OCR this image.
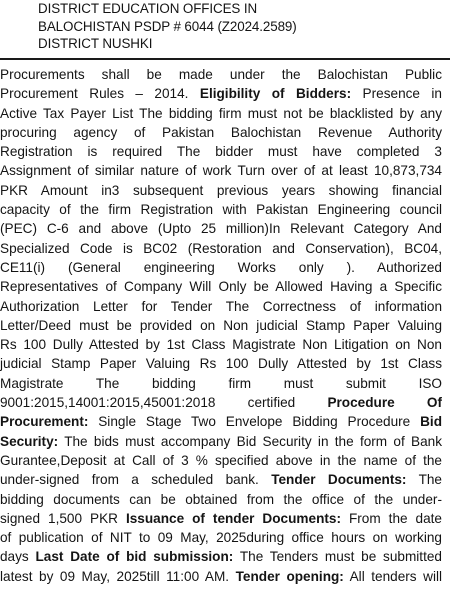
DISTRICT EDUCATION OFFICES IN
BALOCHISTAN PSDP # 6044 (Z2024.2589)
DISTRICT NUSHKI
Procurements shall be made under the Balochistan Public
Procurement Rules – 2014. Eligibility of Bidders: Presence in
Active Tax Payer List The bidding firm must not be blacklisted by any
procuring agency of Pakistan Balochistan Revenue Authority
Registration is required The bidder must have completed 3
Assignment of similar nature of work Turn over of at least 10,873,734
PKR Amount in3 subsequent previous years showing financial
capacity of the firm Registration with Pakistan Engineering council
(PEC) C-6 and above (Upto 25 million)In Relevant Category And
Specialized Code is BC02 (Restoration and Conservation), BC04,
CE11(i) (General engineering Works only ). Authorized
Representatives of Company Will Only be Allowed Having a Specific
Authorization Letter for Tender The Correctness of information
Letter/Deed must be provided on Non judicial Stamp Paper Valuing
Rs 100 Dully Attested by 1st Class Magistrate Non Litigation on Non
judicial Stamp Paper Valuing Rs 100 Dully Attested by 1st Class
Magistrate The bidding firm must submit ISO
9001:2015,14001:2015,45001:2018 certified Procedure Of
Procurement: Single Stage Two Envelope Bidding Procedure Bid
Security: The bids must accompany Bid Security in the form of Bank
Gurantee,Deposit at Call of 3 % specified above in the name of the
under-signed from a scheduled bank. Tender Documents: The
bidding documents can be obtained from the office of the under-
signed 1,500 PKR Issuance of tender Documents: From the date
of publication of NIT to 09 May, 2025during office hours on working
days Last Date of bid submission: The Tenders must be submitted
latest by 09 May, 2025till 11:00 AM. Tender opening: All tenders will
